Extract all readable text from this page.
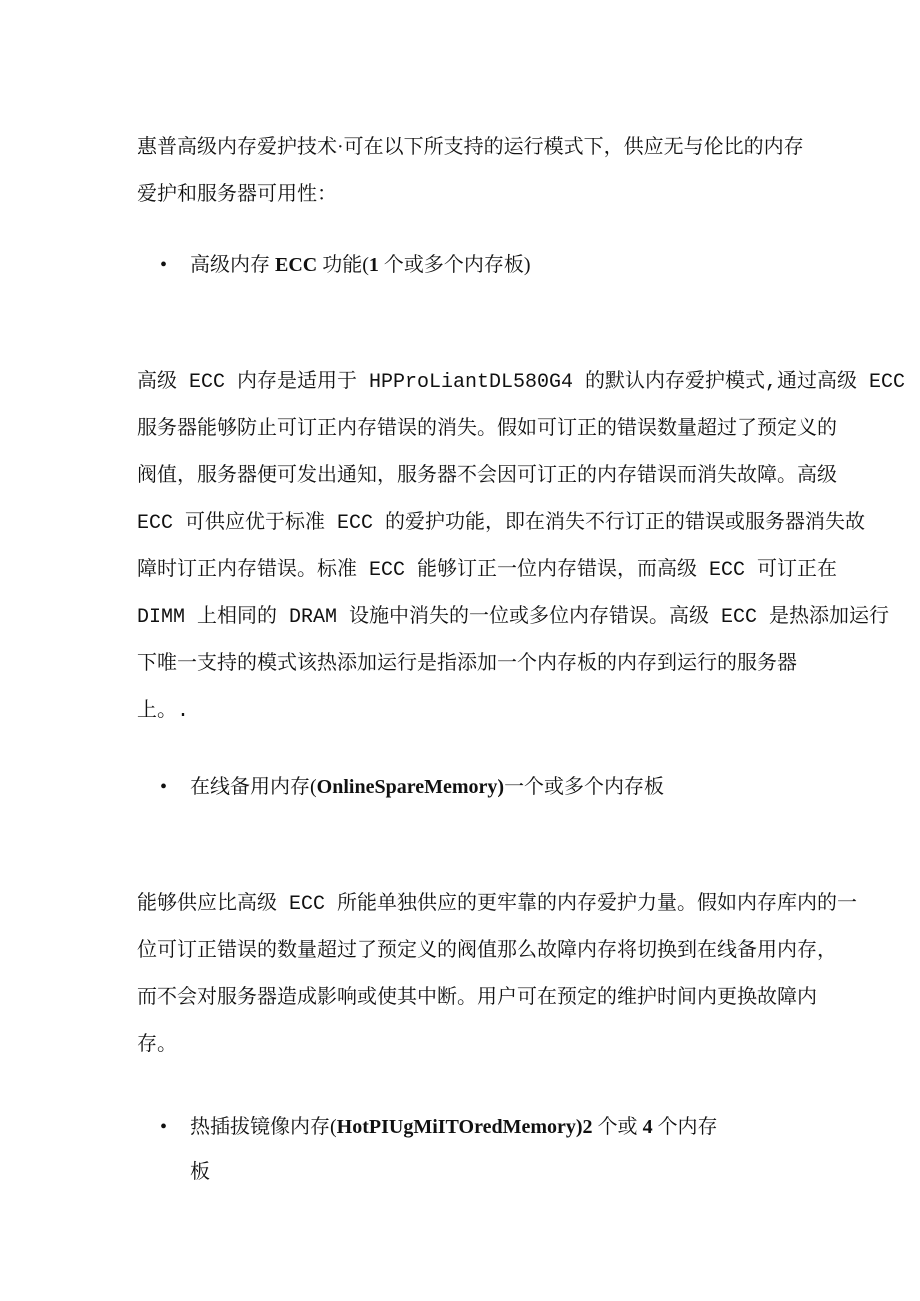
惠普高级内存爱护技术·可在以下所支持的运行模式下，供应无与伦比的内存
爱护和服务器可用性：
• 高级内存 ECC 功能(1 个或多个内存板)
高级 ECC 内存是适用于 HPProLiantDL580G4 的默认内存爱护模式,通过高级 ECC
服务器能够防止可订正内存错误的消失。假如可订正的错误数量超过了预定义的
阀值，服务器便可发出通知，服务器不会因可订正的内存错误而消失故障。高级
ECC 可供应优于标准 ECC 的爱护功能，即在消失不行订正的错误或服务器消失故
障时订正内存错误。标准 ECC 能够订正一位内存错误，而高级 ECC 可订正在
DIMM 上相同的 DRAM 设施中消失的一位或多位内存错误。高级 ECC 是热添加运行
下唯一支持的模式该热添加运行是指添加一个内存板的内存到运行的服务器
上。.
• 在线备用内存(OnlineSpareMemory)一个或多个内存板
能够供应比高级 ECC 所能单独供应的更牢靠的内存爱护力量。假如内存库内的一
位可订正错误的数量超过了预定义的阀值那么故障内存将切换到在线备用内存，
而不会对服务器造成影响或使其中断。用户可在预定的维护时间内更换故障内
存。
• 热插拔镜像内存(HotPIUgMiITOredMemory)2 个或 4 个内存
板
